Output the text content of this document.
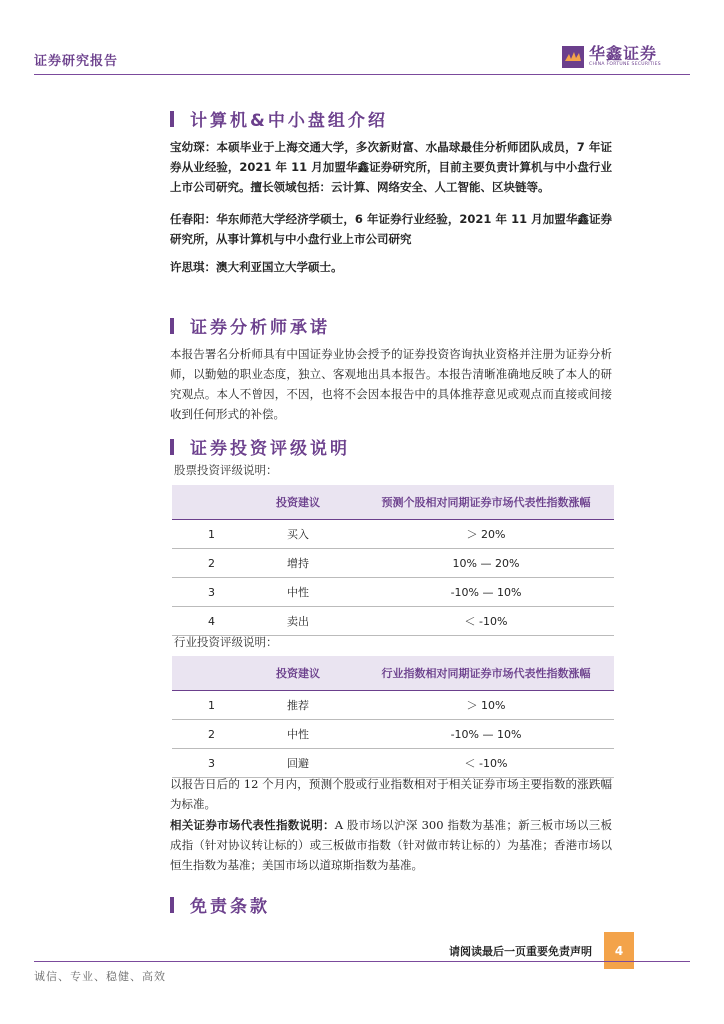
证券研究报告	华鑫证券
CHINA FORTUNE SECURITIES
计算机&中小盘组介绍

宝幼琛：本硕毕业于上海交通大学，多次新财富、水晶球最佳分析师团队成员，7 年证券从业经验，2021 年 11 月加盟华鑫证券研究所，目前主要负责计算机与中小盘行业上市公司研究。擅长领域包括：云计算、网络安全、人工智能、区块链等。

任春阳：华东师范大学经济学硕士，6 年证券行业经验，2021 年 11 月加盟华鑫证券研究所，从事计算机与中小盘行业上市公司研究

许思琪：澳大利亚国立大学硕士。

证券分析师承诺

本报告署名分析师具有中国证券业协会授予的证券投资咨询执业资格并注册为证券分析师，以勤勉的职业态度，独立、客观地出具本报告。本报告清晰准确地反映了本人的研究观点。本人不曾因，不因，也将不会因本报告中的具体推荐意见或观点而直接或间接收到任何形式的补偿。

证券投资评级说明
股票投资评级说明：
	投资建议	预测个股相对同期证券市场代表性指数涨幅
1	买入	＞ 20%
2	增持	10% — 20%
3	中性	-10% — 10%
4	卖出	＜ -10%
行业投资评级说明：
	投资建议	行业指数相对同期证券市场代表性指数涨幅
1	推荐	＞ 10%
2	中性	-10% — 10%
3	回避	＜ -10%

以报告日后的 12 个月内，预测个股或行业指数相对于相关证券市场主要指数的涨跌幅为标准。

相关证券市场代表性指数说明：A 股市场以沪深 300 指数为基准；新三板市场以三板成指（针对协议转让标的）或三板做市指数（针对做市转让标的）为基准；香港市场以恒生指数为基准；美国市场以道琼斯指数为基准。

免责条款
请阅读最后一页重要免责声明	4
诚信、专业、稳健、高效
